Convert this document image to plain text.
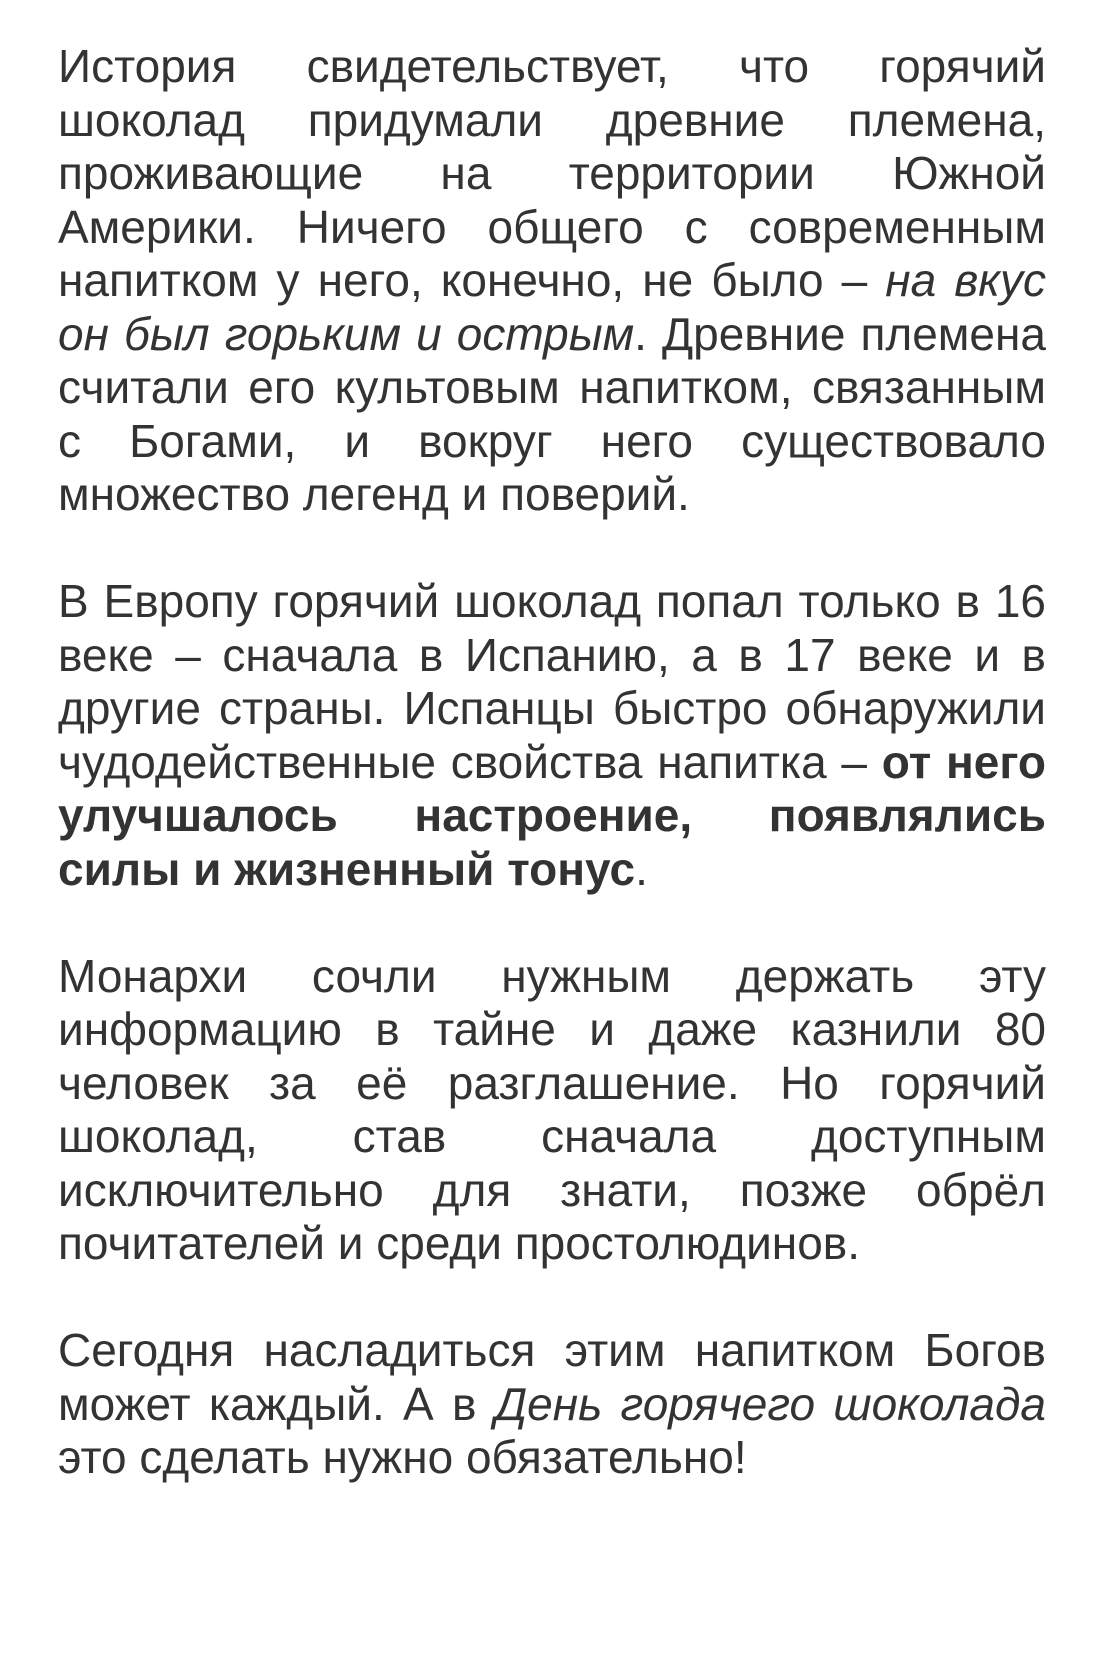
История свидетельствует, что горячий шоколад придумали древние племена, проживающие на территории Южной Америки. Ничего общего с современным напитком у него, конечно, не было – на вкус он был горьким и острым. Древние племена считали его культовым напитком, связанным с Богами, и вокруг него существовало множество легенд и поверий.

В Европу горячий шоколад попал только в 16 веке – сначала в Испанию, а в 17 веке и в другие страны. Испанцы быстро обнаружили чудодейственные свойства напитка – от него улучшалось настроение, появлялись силы и жизненный тонус.

Монархи сочли нужным держать эту информацию в тайне и даже казнили 80 человек за её разглашение. Но горячий шоколад, став сначала доступным исключительно для знати, позже обрёл почитателей и среди простолюдинов.

Сегодня насладиться этим напитком Богов может каждый. А в День горячего шоколада это сделать нужно обязательно!
